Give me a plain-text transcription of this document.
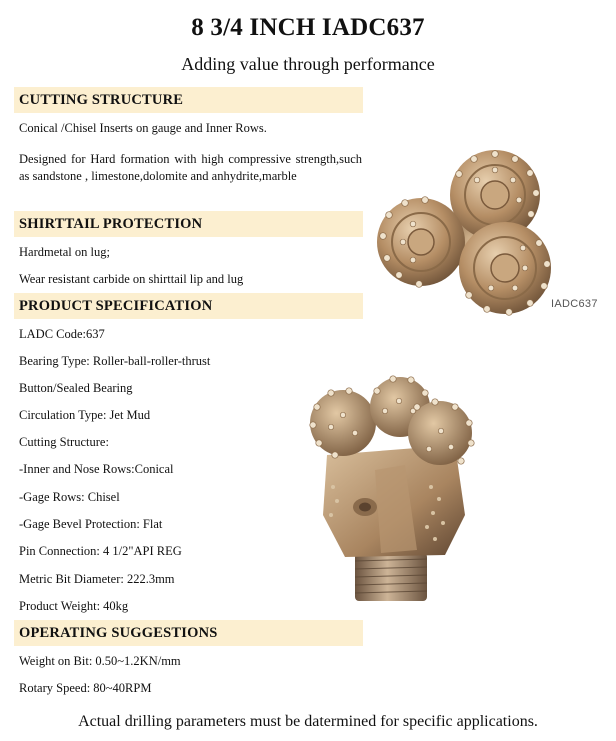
8 3/4 INCH IADC637
Adding value through performance
CUTTING STRUCTURE
Conical /Chisel Inserts on gauge and Inner Rows.
Designed for Hard formation with high compressive strength,such as sandstone , limestone,dolomite and anhydrite,marble
SHIRTTAIL PROTECTION
Hardmetal on lug;
Wear resistant carbide on shirttail lip and lug
PRODUCT SPECIFICATION
LADC Code:637
Bearing Type: Roller-ball-roller-thrust
Button/Sealed Bearing
Circulation Type: Jet Mud
Cutting Structure:
-Inner and Nose Rows:Conical
-Gage Rows: Chisel
-Gage Bevel Protection: Flat
Pin Connection: 4 1/2"API REG
Metric Bit Diameter: 222.3mm
Product Weight: 40kg
OPERATING SUGGESTIONS
Weight on Bit: 0.50~1.2KN/mm
Rotary Speed: 80~40RPM
Actual drilling parameters must be datermined for specific applications.
IADC637
